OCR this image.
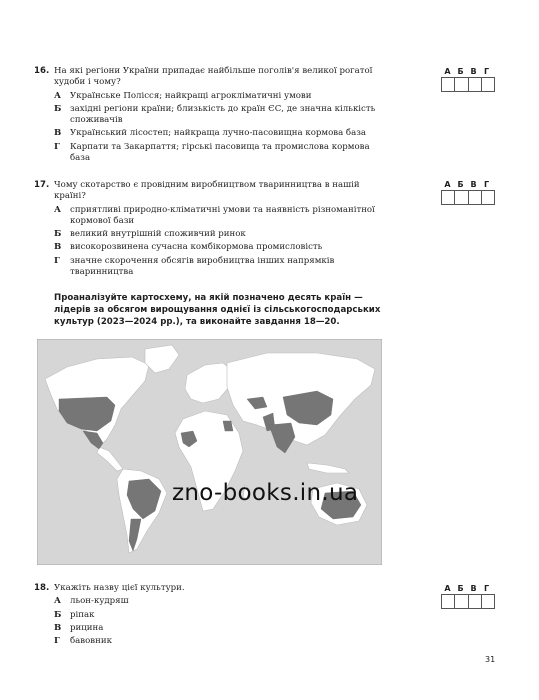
16. На які регіони України припадає найбільше поголів'я великої рогатої худоби і чому?
А	Українське Полісся; найкращі агрокліматичні умови
Б	західні регіони країни; близькість до країн ЄС, де значна кількість споживачів
В	Український лісостеп; найкраща лучно-пасовищна кормова база
Г	Карпати та Закарпаття; гірські пасовища та промислова кормова база
А Б В Г
17. Чому скотарство є провідним виробництвом тваринництва в нашій країні?
А	сприятливі природно-кліматичні умови та наявність різноманітної кормової бази
Б	великий внутрішній споживчий ринок
В	високорозвинена сучасна комбікормова промисловість
Г	значне скорочення обсягів виробництва інших напрямків тваринництва
А Б В Г
Проаналізуйте картосхему, на якій позначено десять країн — лідерів за обсягом вирощування однієї із сільськогосподарських культур (2023—2024 рр.), та виконайте завдання 18—20.
zno-books.in.ua
18. Укажіть назву цієї культури.
А	льон-кудряш
Б	ріпак
В	рицина
Г	бавовник
А Б В Г
31
